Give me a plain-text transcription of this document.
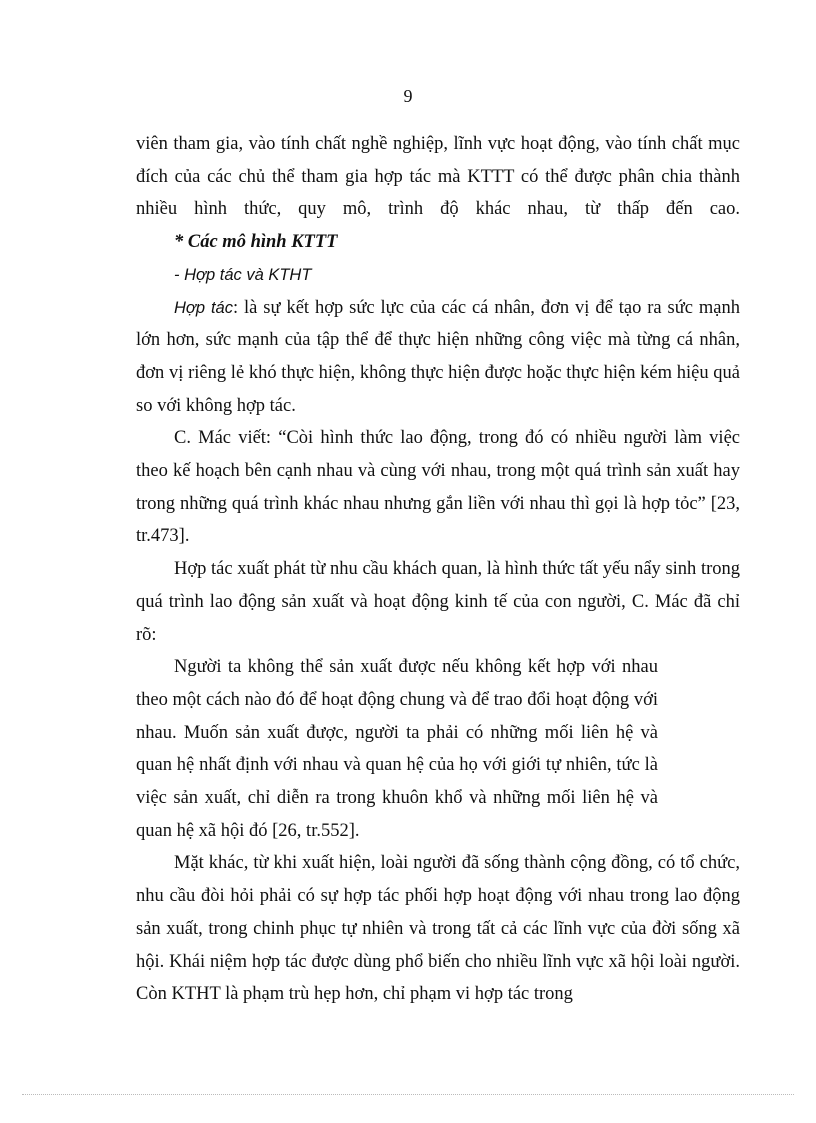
9

viên tham gia, vào tính chất nghề nghiệp, lĩnh vực hoạt động, vào tính chất mục đích của các chủ thể tham gia hợp tác mà KTTT có thể được phân chia thành nhiều hình thức, quy mô, trình độ khác nhau, từ thấp đến cao.

* Các mô hình KTTT

- Hợp tác và KTHT

Hợp tác: là sự kết hợp sức lực của các cá nhân, đơn vị để tạo ra sức mạnh lớn hơn, sức mạnh của tập thể để thực hiện những công việc mà từng cá nhân, đơn vị riêng lẻ khó thực hiện, không thực hiện được hoặc thực hiện kém hiệu quả so với không hợp tác.

C. Mác viết: “Còi hình thức lao động, trong đó có nhiều người làm việc theo kế hoạch bên cạnh nhau và cùng với nhau, trong một quá trình sản xuất hay trong những quá trình khác nhau nhưng gắn liền với nhau thì gọi là hợp tỏc” [23, tr.473].

Hợp tác xuất phát từ nhu cầu khách quan, là hình thức tất yếu nẩy sinh trong quá trình lao động sản xuất và hoạt động kinh tế của con người, C. Mác đã chỉ rõ:

Người ta không thể sản xuất được nếu không kết hợp với nhau theo một cách nào đó để hoạt động chung và để trao đổi hoạt động với nhau. Muốn sản xuất được, người ta phải có những mối liên hệ và quan hệ nhất định với nhau và quan hệ của họ với giới tự nhiên, tức là việc sản xuất, chỉ diễn ra trong khuôn khổ và những mối liên hệ và quan hệ xã hội đó [26, tr.552].

Mặt khác, từ khi xuất hiện, loài người đã sống thành cộng đồng, có tổ chức, nhu cầu đòi hỏi phải có sự hợp tác phối hợp hoạt động với nhau trong lao động sản xuất, trong chinh phục tự nhiên và trong tất cả các lĩnh vực của đời sống xã hội. Khái niệm hợp tác được dùng phổ biến cho nhiều lĩnh vực xã hội loài người. Còn KTHT là phạm trù hẹp hơn, chỉ phạm vi hợp tác trong
